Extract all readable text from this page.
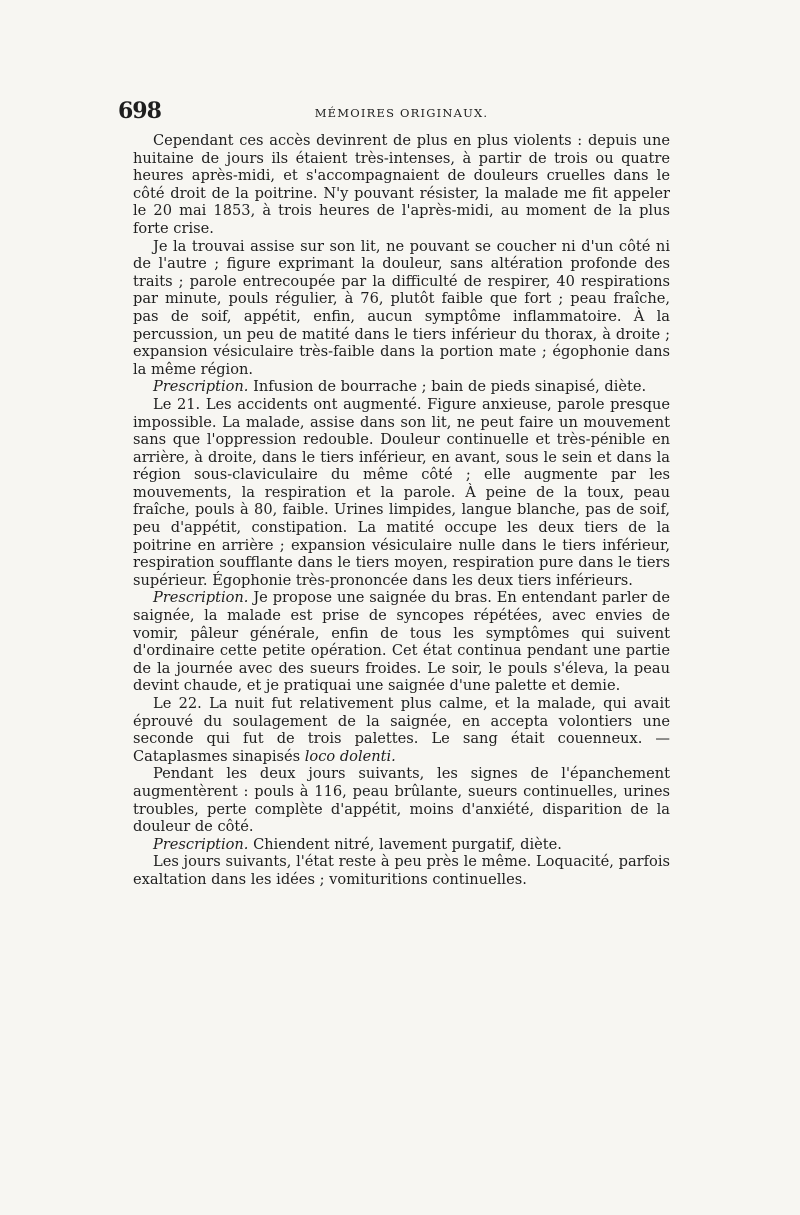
698	MÉMOIRES ORIGINAUX.

Cependant ces accès devinrent de plus en plus violents : depuis une huitaine de jours ils étaient très-intenses, à partir de trois ou quatre heures après-midi, et s'accompagnaient de douleurs cruelles dans le côté droit de la poitrine. N'y pouvant résister, la malade me fit appeler le 20 mai 1853, à trois heures de l'après-midi, au moment de la plus forte crise.

Je la trouvai assise sur son lit, ne pouvant se coucher ni d'un côté ni de l'autre ; figure exprimant la douleur, sans altération profonde des traits ; parole entrecoupée par la difficulté de respirer, 40 respirations par minute, pouls régulier, à 76, plutôt faible que fort ; peau fraîche, pas de soif, appétit, enfin, aucun symptôme inflammatoire. À la percussion, un peu de matité dans le tiers inférieur du thorax, à droite ; expansion vésiculaire très-faible dans la portion mate ; égophonie dans la même région.

Prescription. Infusion de bourrache ; bain de pieds sinapisé, diète.

Le 21. Les accidents ont augmenté. Figure anxieuse, parole presque impossible. La malade, assise dans son lit, ne peut faire un mouvement sans que l'oppression redouble. Douleur continuelle et très-pénible en arrière, à droite, dans le tiers inférieur, en avant, sous le sein et dans la région sous-claviculaire du même côté ; elle augmente par les mouvements, la respiration et la parole. À peine de la toux, peau fraîche, pouls à 80, faible. Urines limpides, langue blanche, pas de soif, peu d'appétit, constipation. La matité occupe les deux tiers de la poitrine en arrière ; expansion vésiculaire nulle dans le tiers inférieur, respiration soufflante dans le tiers moyen, respiration pure dans le tiers supérieur. Égophonie très-prononcée dans les deux tiers inférieurs.

Prescription. Je propose une saignée du bras. En entendant parler de saignée, la malade est prise de syncopes répétées, avec envies de vomir, pâleur générale, enfin de tous les symptômes qui suivent d'ordinaire cette petite opération. Cet état continua pendant une partie de la journée avec des sueurs froides. Le soir, le pouls s'éleva, la peau devint chaude, et je pratiquai une saignée d'une palette et demie.

Le 22. La nuit fut relativement plus calme, et la malade, qui avait éprouvé du soulagement de la saignée, en accepta volontiers une seconde qui fut de trois palettes. Le sang était couenneux. — Cataplasmes sinapisés loco dolenti.

Pendant les deux jours suivants, les signes de l'épanchement augmentèrent : pouls à 116, peau brûlante, sueurs continuelles, urines troubles, perte complète d'appétit, moins d'anxiété, disparition de la douleur de côté.

Prescription. Chiendent nitré, lavement purgatif, diète.

Les jours suivants, l'état reste à peu près le même. Loquacité, parfois exaltation dans les idées ; vomituritions continuelles.
